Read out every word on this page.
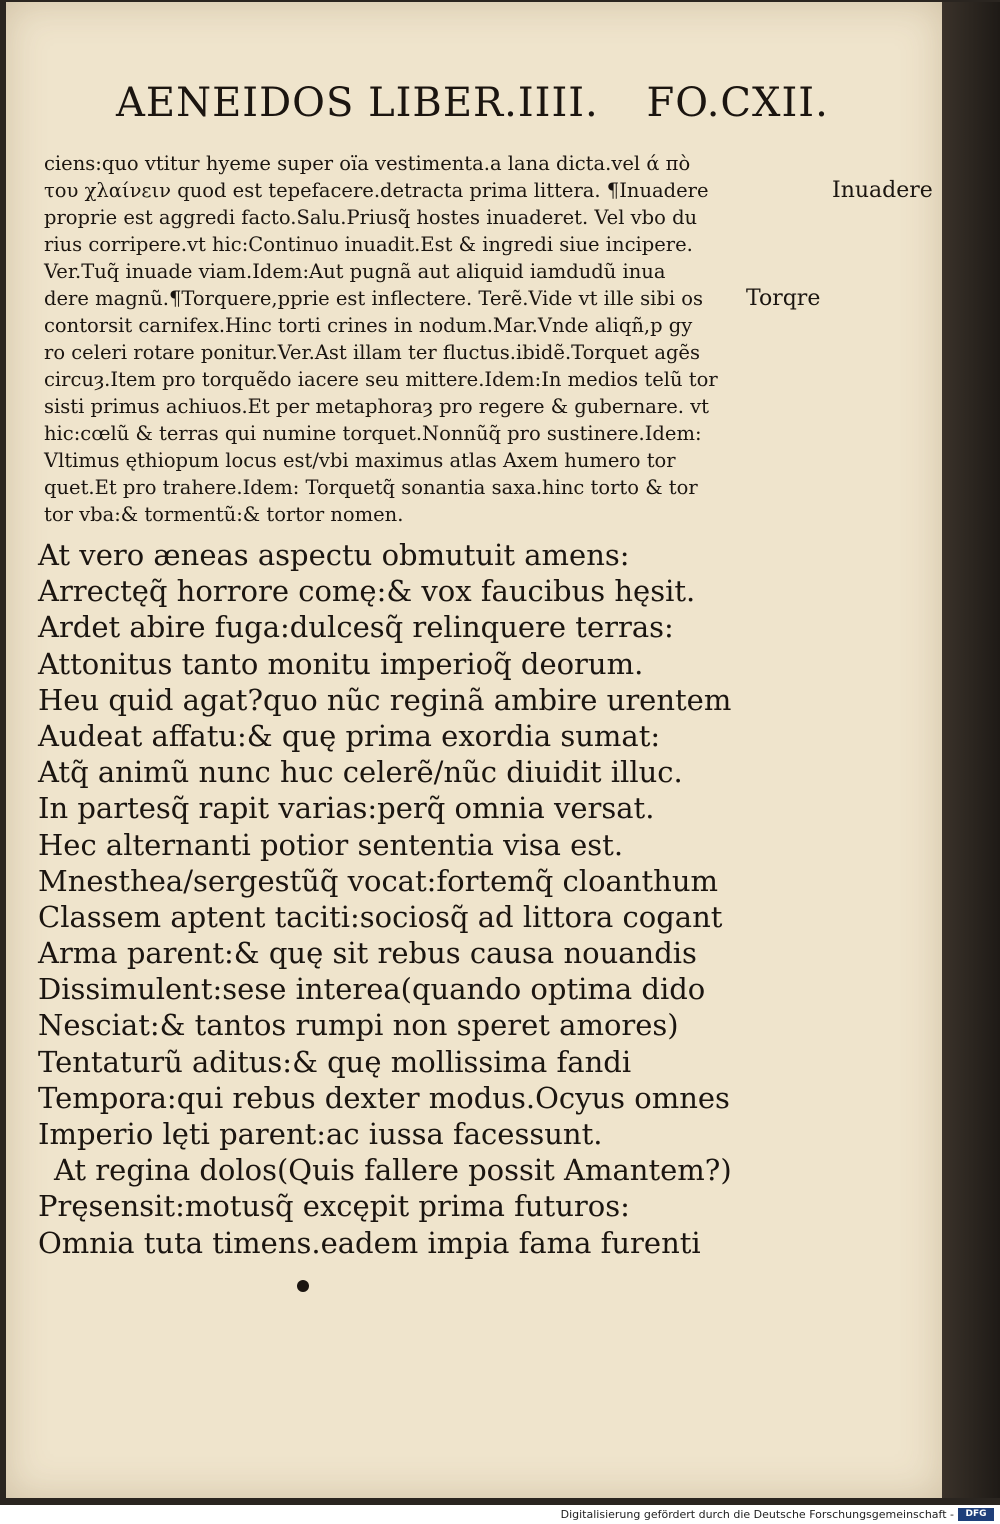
AENEIDOS LIBER.IIII. FO.CXII.
ciens:quo vtitur hyeme super oïa vestimenta.a lana dicta.vel ά πὸ
του χλαίνειν quod est tepefacere.detracta prima littera. ¶Inuadere
proprie est aggredi facto.Salu.Priusq̃ hostes inuaderet. Vel vbo du
rius corripere.vt hic:Continuo inuadit.Est & ingredi siue incipere.
Ver.Tuq̃ inuade viam.Idem:Aut pugnã aut aliquid iamdudũ inua
dere magnũ.¶Torquere,pprie est inflectere. Terẽ.Vide vt ille sibi os
contorsit carnifex.Hinc torti crines in nodum.Mar.Vnde aliqñ,p gy
ro celeri rotare ponitur.Ver.Ast illam ter fluctus.ibidẽ.Torquet agẽs
circuȝ.Item pro torquẽdo iacere seu mittere.Idem:In medios telũ tor
sisti primus achiuos.Et per metaphoraȝ pro regere & gubernare. vt
hic:cœlũ & terras qui numine torquet.Nonnũq̃ pro sustinere.Idem:
Vltimus ęthiopum locus est/vbi maximus atlas Axem humero tor
quet.Et pro trahere.Idem: Torquetq̃ sonantia saxa.hinc torto & tor
tor vba:& tormentũ:& tortor nomen.
Inuadere
Torqre
At vero æneas aspectu obmutuit amens:
Arrectęq̃ horrore comę:& vox faucibus hęsit.
Ardet abire fuga:dulcesq̃ relinquere terras:
Attonitus tanto monitu imperioq̃ deorum.
Heu quid agat?quo nũc reginã ambire urentem
Audeat affatu:& quę prima exordia sumat:
Atq̃ animũ nunc huc celerẽ/nũc diuidit illuc.
In partesq̃ rapit varias:perq̃ omnia versat.
Hec alternanti potior sententia visa est.
Mnesthea/sergestũq̃ vocat:fortemq̃ cloanthum
Classem aptent taciti:sociosq̃ ad littora cogant
Arma parent:& quę sit rebus causa nouandis
Dissimulent:sese interea(quando optima dido
Nesciat:& tantos rumpi non speret amores)
Tentaturũ aditus:& quę mollissima fandi
Tempora:qui rebus dexter modus.Ocyus omnes
Imperio lęti parent:ac iussa facessunt.
At regina dolos(Quis fallere possit Amantem?)
Pręsensit:motusq̃ excępit prima futuros:
Omnia tuta timens.eadem impia fama furenti
Digitalisierung gefördert durch die Deutsche Forschungsgemeinschaft -	DFG
